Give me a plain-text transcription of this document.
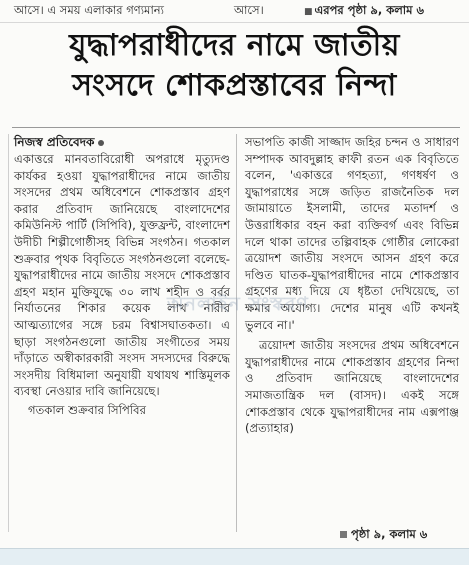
আসে। এ সময় এলাকার গণ্যমান্য	আসে।	■ এরপর পৃষ্ঠা ৯, কলাম ৬
যুদ্ধাপরাধীদের নামে জাতীয়
সংসদে শোকপ্রস্তাবের নিন্দা
নিজস্ব প্রতিবেদক

একাত্তরে মানবতাবিরোধী অপরাধে মৃত্যুদণ্ড কার্যকর হওয়া যুদ্ধাপরাধীদের নামে জাতীয় সংসদের প্রথম অধিবেশনে শোকপ্রস্তাব গ্রহণ করার প্রতিবাদ জানিয়েছে বাংলাদেশের কমিউনিস্ট পার্টি (সিপিবি), যুক্তফ্রন্ট, বাংলাদেশ উদীচী শিল্পীগোষ্ঠীসহ বিভিন্ন সংগঠন। গতকাল শুক্রবার পৃথক বিবৃতিতে সংগঠনগুলো বলেছে-যুদ্ধাপরাধীদের নামে জাতীয় সংসদে শোকপ্রস্তাব গ্রহণ মহান মুক্তিযুদ্ধে ৩০ লাখ শহীদ ও বর্বর নির্যাতনের শিকার কয়েক লাখ নারীর আত্মত্যাগের সঙ্গে চরম বিশ্বাসঘাতকতা। এ ছাড়া সংগঠনগুলো জাতীয় সংগীতের সময় দাঁড়াতে অস্বীকারকারী সংসদ সদস্যদের বিরুদ্ধে সংসদীয় বিধিমালা অনুযায়ী যথাযথ শাস্তিমূলক ব্যবস্থা নেওয়ার দাবি জানিয়েছে।

গতকাল শুক্রবার সিপিবির

সভাপতি কাজী সাজ্জাদ জহির চন্দন ও সাধারণ সম্পাদক আবদুল্লাহ ক্বাফী রতন এক বিবৃতিতে বলেন, 'একাত্তরে গণহত্যা, গণধর্ষণ ও যুদ্ধাপরাধের সঙ্গে জড়িত রাজনৈতিক দল জামায়াতে ইসলামী, তাদের মতাদর্শ ও উত্তরাধিকার বহন করা ব্যক্তিবর্গ এবং বিভিন্ন দলে থাকা তাদের তল্পিবাহক গোষ্ঠীর লোকেরা ত্রয়োদশ জাতীয় সংসদে আসন গ্রহণ করে দণ্ডিত ঘাতক-যুদ্ধাপরাধীদের নামে শোকপ্রস্তাব গ্রহণের মধ্য দিয়ে যে ধৃষ্টতা দেখিয়েছে, তা ক্ষমার অযোগ্য। দেশের মানুষ এটি কখনই ভুলবে না।'

ত্রয়োদশ জাতীয় সংসদের প্রথম অধিবেশনে যুদ্ধাপরাধীদের নামে শোকপ্রস্তাব গ্রহণের নিন্দা ও প্রতিবাদ জানিয়েছে বাংলাদেশের সমাজতান্ত্রিক দল (বাসদ)। একই সঙ্গে শোকপ্রস্তাব থেকে যুদ্ধাপরাধীদের নাম এক্সপাঞ্জ (প্রত্যাহার)

পৃষ্ঠা ৯, কলাম ৬
অনলাইন সংস্করণ
